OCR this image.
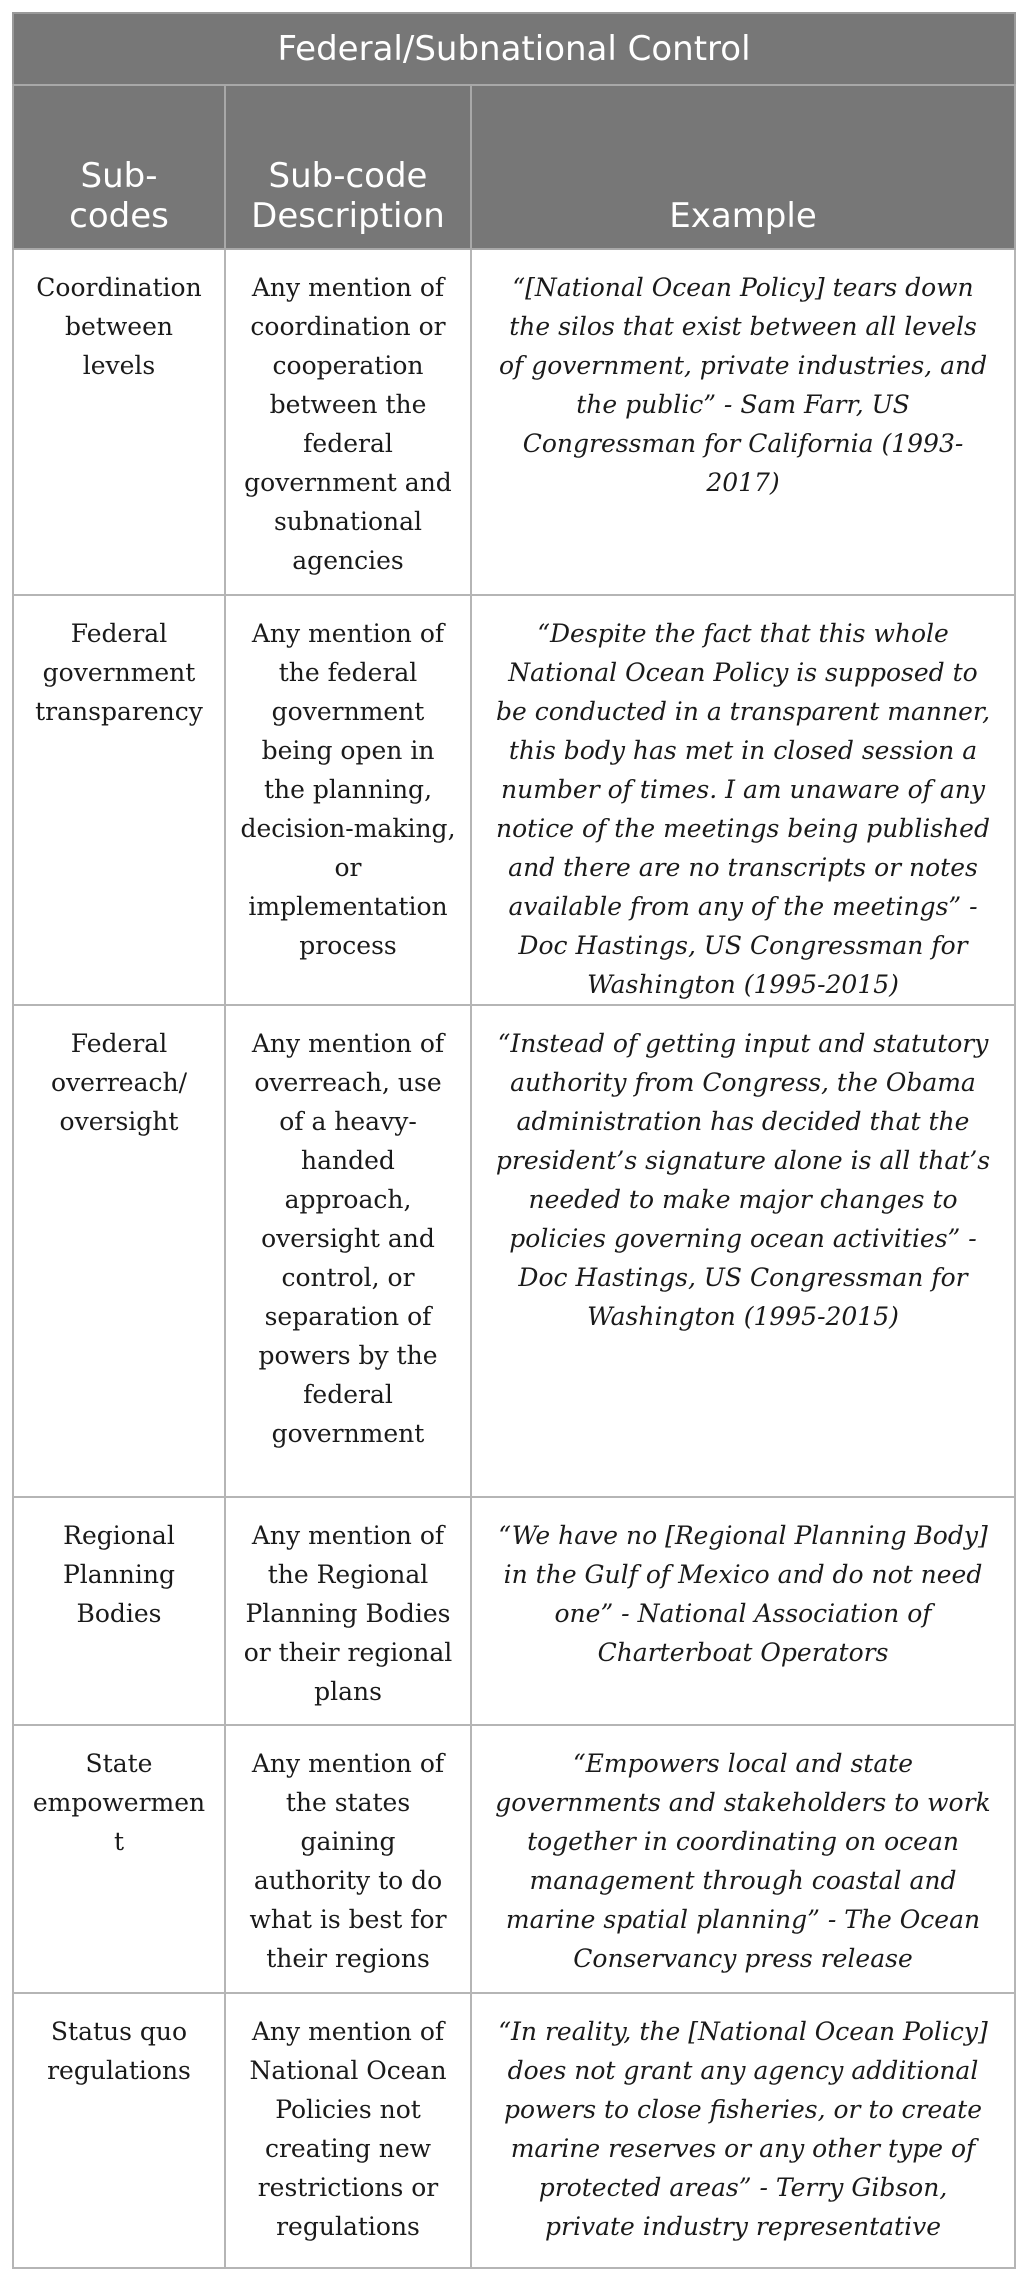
Federal/Subnational Control		
Sub-codes	Sub-code Description	Example

Coordination between levels	Any mention of coordination or cooperation between the federal government and subnational agencies	“[National Ocean Policy] tears down the silos that exist between all levels of government, private industries, and the public” - Sam Farr, US Congressman for California (1993-2017)

Federal government transparency	Any mention of the federal government being open in the planning, decision-making, or implementation process	“Despite the fact that this whole National Ocean Policy is supposed to be conducted in a transparent manner, this body has met in closed session a number of times. I am unaware of any notice of the meetings being published and there are no transcripts or notes available from any of the meetings” - Doc Hastings, US Congressman for Washington (1995-2015)

Federal overreach/ oversight	Any mention of overreach, use of a heavy-handed approach, oversight and control, or separation of powers by the federal government	“Instead of getting input and statutory authority from Congress, the Obama administration has decided that the president’s signature alone is all that’s needed to make major changes to policies governing ocean activities” - Doc Hastings, US Congressman for Washington (1995-2015)

Regional Planning Bodies	Any mention of the Regional Planning Bodies or their regional plans	“We have no [Regional Planning Body] in the Gulf of Mexico and do not need one” - National Association of Charterboat Operators

State empowerment	Any mention of the states gaining authority to do what is best for their regions	“Empowers local and state governments and stakeholders to work together in coordinating on ocean management through coastal and marine spatial planning” - The Ocean Conservancy press release

Status quo regulations	Any mention of National Ocean Policies not creating new restrictions or regulations	“In reality, the [National Ocean Policy] does not grant any agency additional powers to close fisheries, or to create marine reserves or any other type of protected areas” - Terry Gibson, private industry representative
